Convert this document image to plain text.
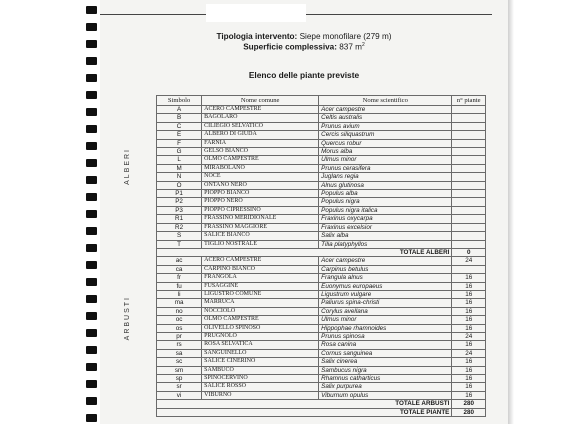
Tipologia intervento: Siepe monofilare (279 m)
Superficie complessiva: 837 $m^2$
Elenco delle piante previste
ALBERI
ARBUSTI
Simbolo	Nome comune	Nome scientifico	n° piante
A	ACERO CAMPESTRE	Acer campestre	
B	BAGOLARO	Celtis australis	
C	CILIEGIO SELVATICO	Prunus avium	
E	ALBERO DI GIUDA	Cercis siliquastrum	
F	FARNIA	Quercus robur	
G	GELSO BIANCO	Morus alba	
L	OLMO CAMPESTRE	Ulmus minor	
M	MIRABOLANO	Prunus cerasifera	
N	NOCE	Juglans regia	
O	ONTANO NERO	Alnus glutinosa	
P1	PIOPPO BIANCO	Populus alba	
P2	PIOPPO NERO	Populus nigra	
P3	PIOPPO CIPRESSINO	Populus nigra italica	
R1	FRASSINO MERIDIONALE	Fraxinus oxycarpa	
R2	FRASSINO MAGGIORE	Fraxinus excelsior	
S	SALICE BIANCO	Salix alba	
T	TIGLIO NOSTRALE	Tilia platyphyllos	
		TOTALE ALBERI	0
ac	ACERO CAMPESTRE	Acer campestre	24
ca	CARPINO BIANCO	Carpinus betulus	
fr	FRANGOLA	Frangula alnus	16
fu	FUSAGGINE	Euonymus europaeus	16
li	LIGUSTRO COMUNE	Ligustrum vulgare	16
ma	MARRUCA	Paliurus spina-christi	16
no	NOCCIOLO	Corylus avellana	16
oc	OLMO CAMPESTRE	Ulmus minor	16
os	OLIVELLO SPINOSO	Hippophae rhamnoides	16
pr	PRUGNOLO	Prunus spinosa	24
rs	ROSA SELVATICA	Rosa canina	16
sa	SANGUINELLO	Cornus sanguinea	24
sc	SALICE CINERINO	Salix cinerea	16
sm	SAMBUCO	Sambucus nigra	16
sp	SPINOCERVINO	Rhamnus catharticus	16
sr	SALICE ROSSO	Salix purpurea	16
vi	VIBURNO	Viburnum opulus	16
		TOTALE ARBUSTI	280
		TOTALE PIANTE	280
